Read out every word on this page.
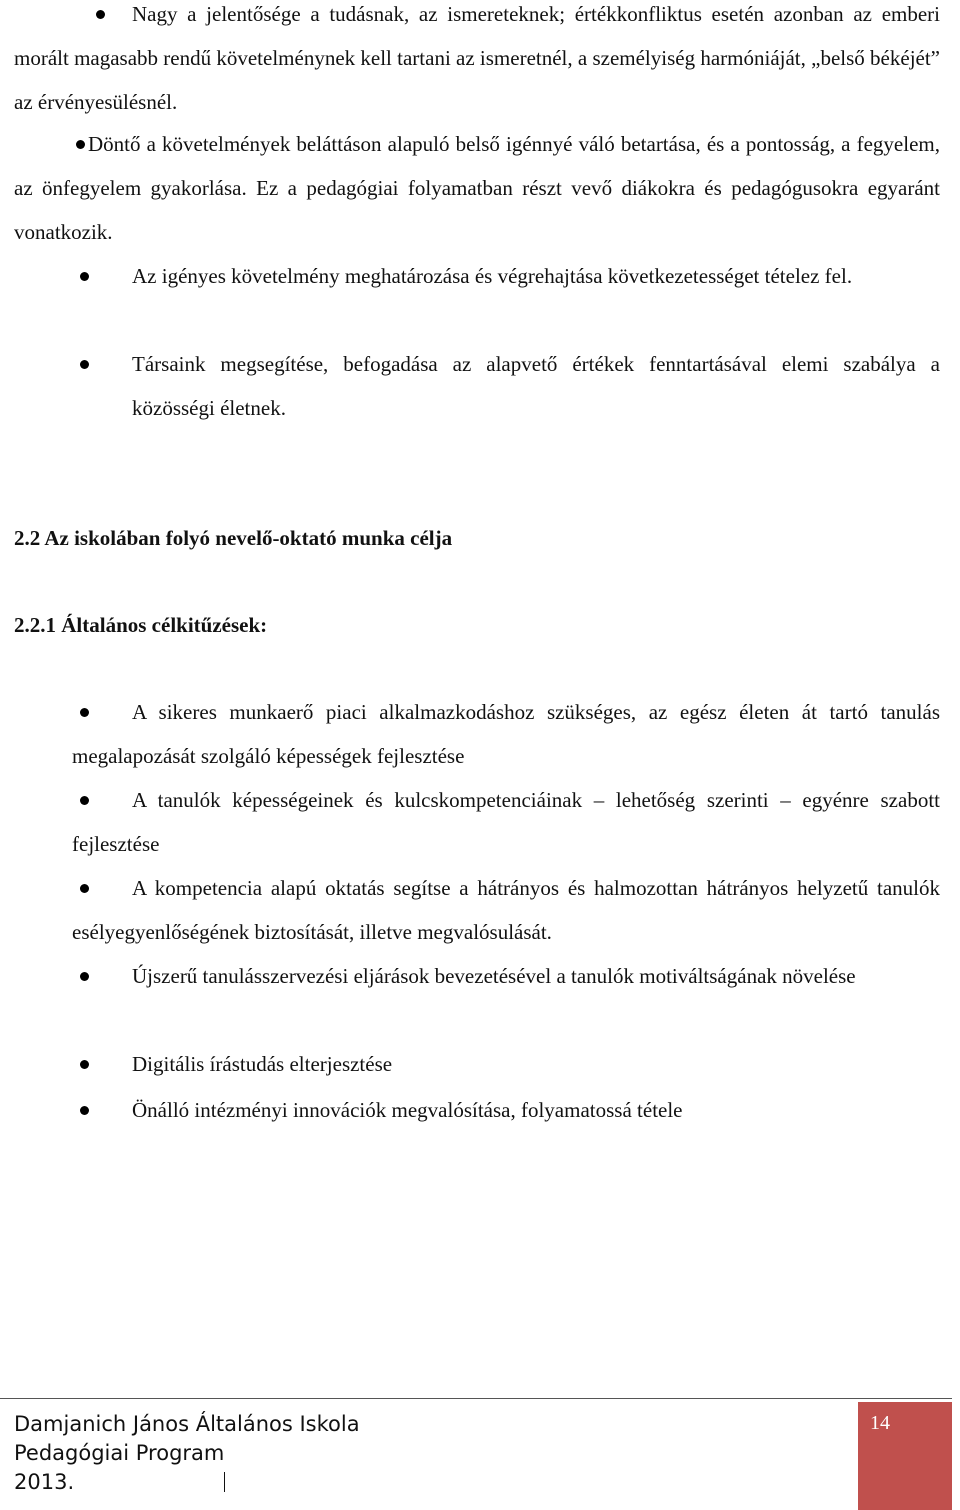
Nagy a jelentősége a tudásnak, az ismereteknek; értékkonfliktus esetén azonban az emberi morált magasabb rendű követelménynek kell tartani az ismeretnél, a személyiség harmóniáját, „belső békéjét” az érvényesülésnél.

Döntő a követelmények beláttáson alapuló belső igénnyé váló betartása, és a pontosság, a fegyelem, az önfegyelem gyakorlása. Ez a pedagógiai folyamatban részt vevő diákokra és pedagógusokra egyaránt vonatkozik.

Az igényes követelmény meghatározása és végrehajtása következetességet tételez fel.

Társaink megsegítése, befogadása az alapvető értékek fenntartásával elemi szabálya a közösségi életnek.

2.2 Az iskolában folyó nevelő-oktató munka célja
2.2.1 Általános célkitűzések:

A sikeres munkaerő piaci alkalmazkodáshoz szükséges, az egész életen át tartó tanulás megalapozását szolgáló képességek fejlesztése

A tanulók képességeinek és kulcskompetenciáinak – lehetőség szerinti – egyénre szabott fejlesztése

A kompetencia alapú oktatás segítse a hátrányos és halmozottan hátrányos helyzetű tanulók esélyegyenlőségének biztosítását, illetve megvalósulását.

Újszerű tanulásszervezési eljárások bevezetésével a tanulók motiváltságának növelése

Digitális írástudás elterjesztése

Önálló intézményi innovációk megvalósítása, folyamatossá tétele

Damjanich János Általános Iskola
Pedagógiai Program
2013.
14
